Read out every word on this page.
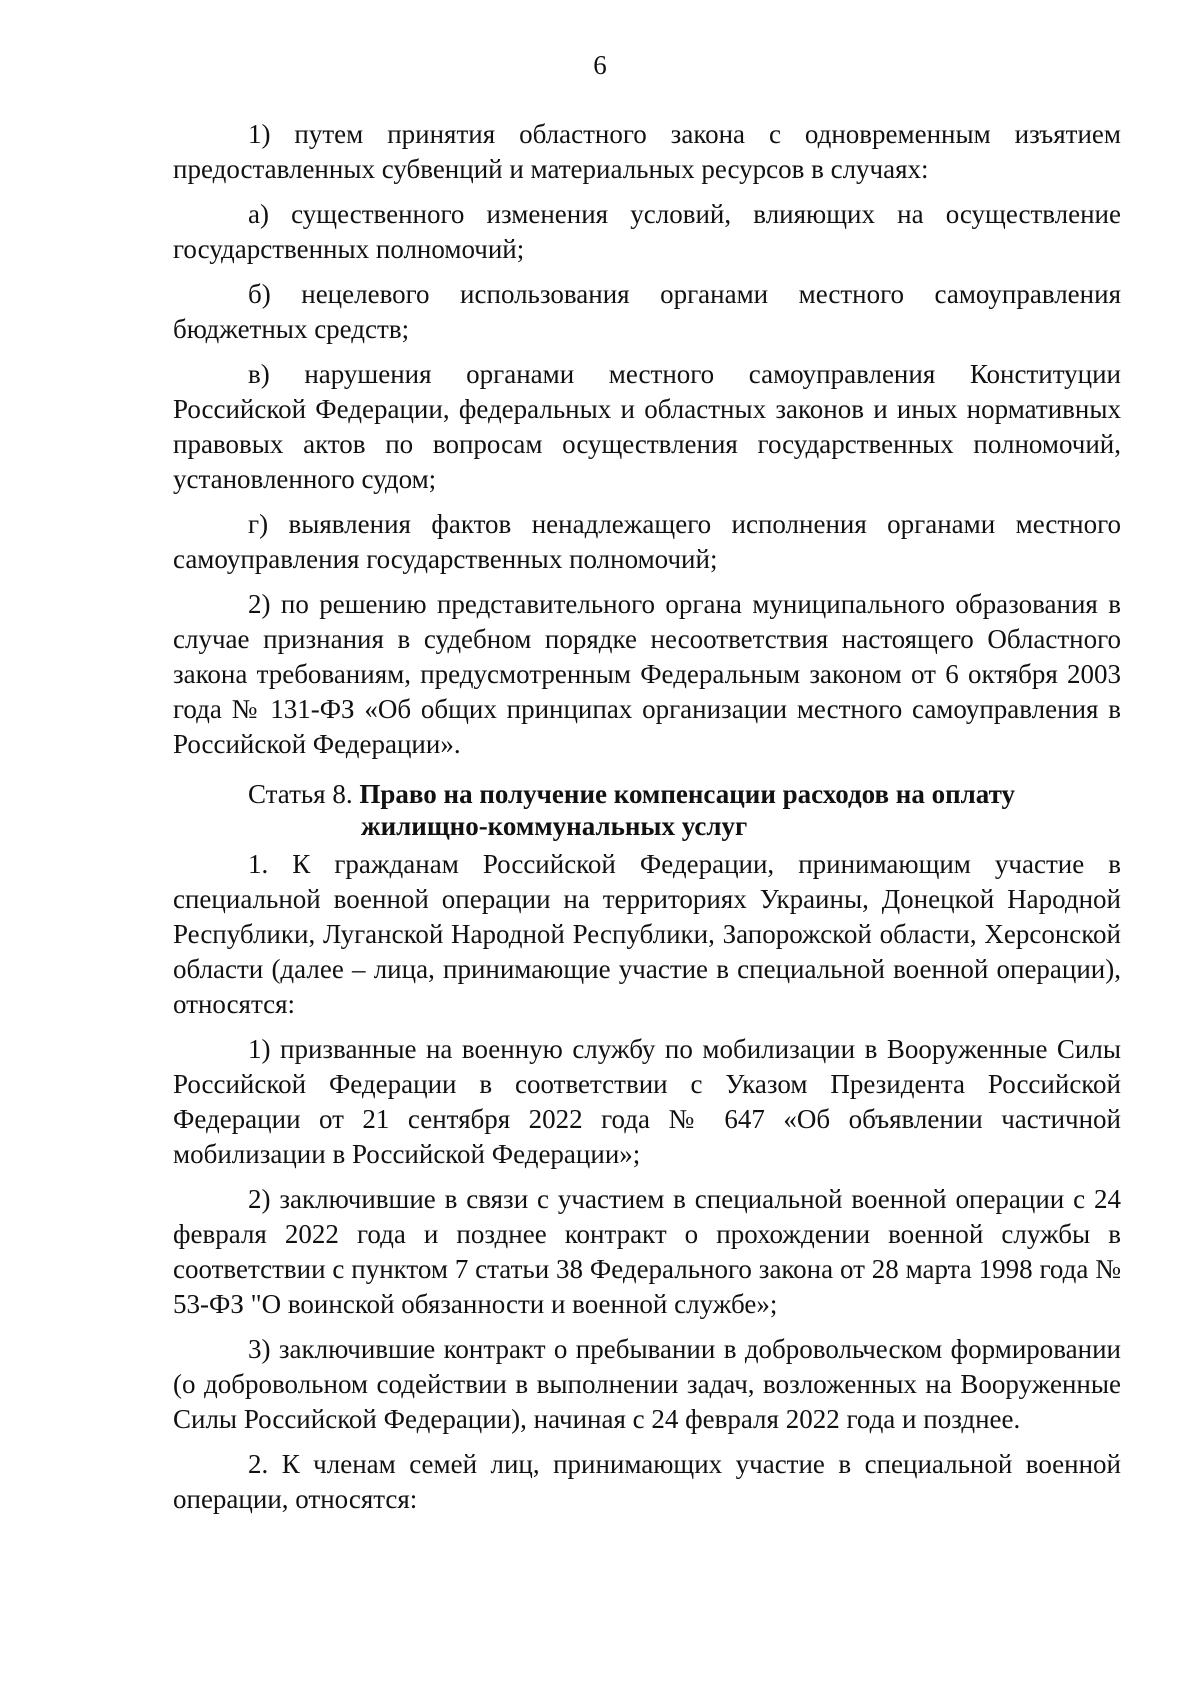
6

1) путем принятия областного закона с одновременным изъятием предоставленных субвенций и материальных ресурсов в случаях:

а) существенного изменения условий, влияющих на осуществление государственных полномочий;

б) нецелевого использования органами местного самоуправления бюджетных средств;

в) нарушения органами местного самоуправления Конституции Российской Федерации, федеральных и областных законов и иных нормативных правовых актов по вопросам осуществления государственных полномочий, установленного судом;

г) выявления фактов ненадлежащего исполнения органами местного самоуправления государственных полномочий;

2) по решению представительного органа муниципального образования в случае признания в судебном порядке несоответствия настоящего Областного закона требованиям, предусмотренным Федеральным законом от 6 октября 2003 года № 131-ФЗ «Об общих принципах организации местного самоуправления в Российской Федерации».

Статья 8. Право на получение компенсации расходов на оплату
жилищно-коммунальных услуг

1. К гражданам Российской Федерации, принимающим участие в специальной военной операции на территориях Украины, Донецкой Народной Республики, Луганской Народной Республики, Запорожской области, Херсонской области (далее – лица, принимающие участие в специальной военной операции), относятся:

1) призванные на военную службу по мобилизации в Вооруженные Силы Российской Федерации в соответствии с Указом Президента Российской Федерации от 21 сентября 2022 года № 647 «Об объявлении частичной мобилизации в Российской Федерации»;

2) заключившие в связи с участием в специальной военной операции с 24 февраля 2022 года и позднее контракт о прохождении военной службы в соответствии с пунктом 7 статьи 38 Федерального закона от 28 марта 1998 года № 53-ФЗ "О воинской обязанности и военной службе»;

3) заключившие контракт о пребывании в добровольческом формировании (о добровольном содействии в выполнении задач, возложенных на Вооруженные Силы Российской Федерации), начиная с 24 февраля 2022 года и позднее.

2. К членам семей лиц, принимающих участие в специальной военной операции, относятся:
